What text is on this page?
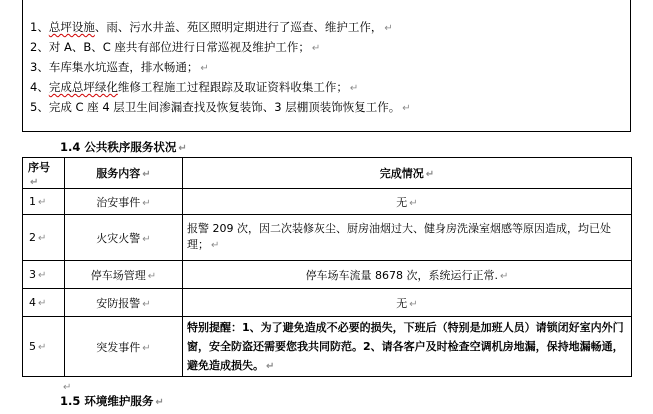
1、总坪设施、雨、污水井盖、苑区照明定期进行了巡查、维护工作， ↵
2、对 A、B、C 座共有部位进行日常巡视及维护工作； ↵
3、车库集水坑巡查，排水畅通； ↵
4、完成总坪绿化维修工程施工过程跟踪及取证资料收集工作； ↵
5、完成 C 座 4 层卫生间渗漏查找及恢复装饰、3 层棚顶装饰恢复工作。 ↵
1.4 公共秩序服务状况 ↵
序号↵	服务内容 ↵	完成情况 ↵
1 ↵	治安事件 ↵	无 ↵
2 ↵	火灾火警 ↵	报警 209 次，因二次装修灰尘、厨房油烟过大、健身房洗澡室烟感等原因造成，均已处理； ↵
3 ↵	停车场管理 ↵	停车场车流量 8678 次，系统运行正常. ↵
4 ↵	安防报警 ↵	无 ↵
5 ↵	突发事件 ↵	特别提醒：1、为了避免造成不必要的损失，下班后（特别是加班人员）请锁闭好室内外门窗，安全防盗还需要您我共同防范。2、请各客户及时检查空调机房地漏，保持地漏畅通，避免造成损失。 ↵
↵
1.5 环境维护服务 ↵
